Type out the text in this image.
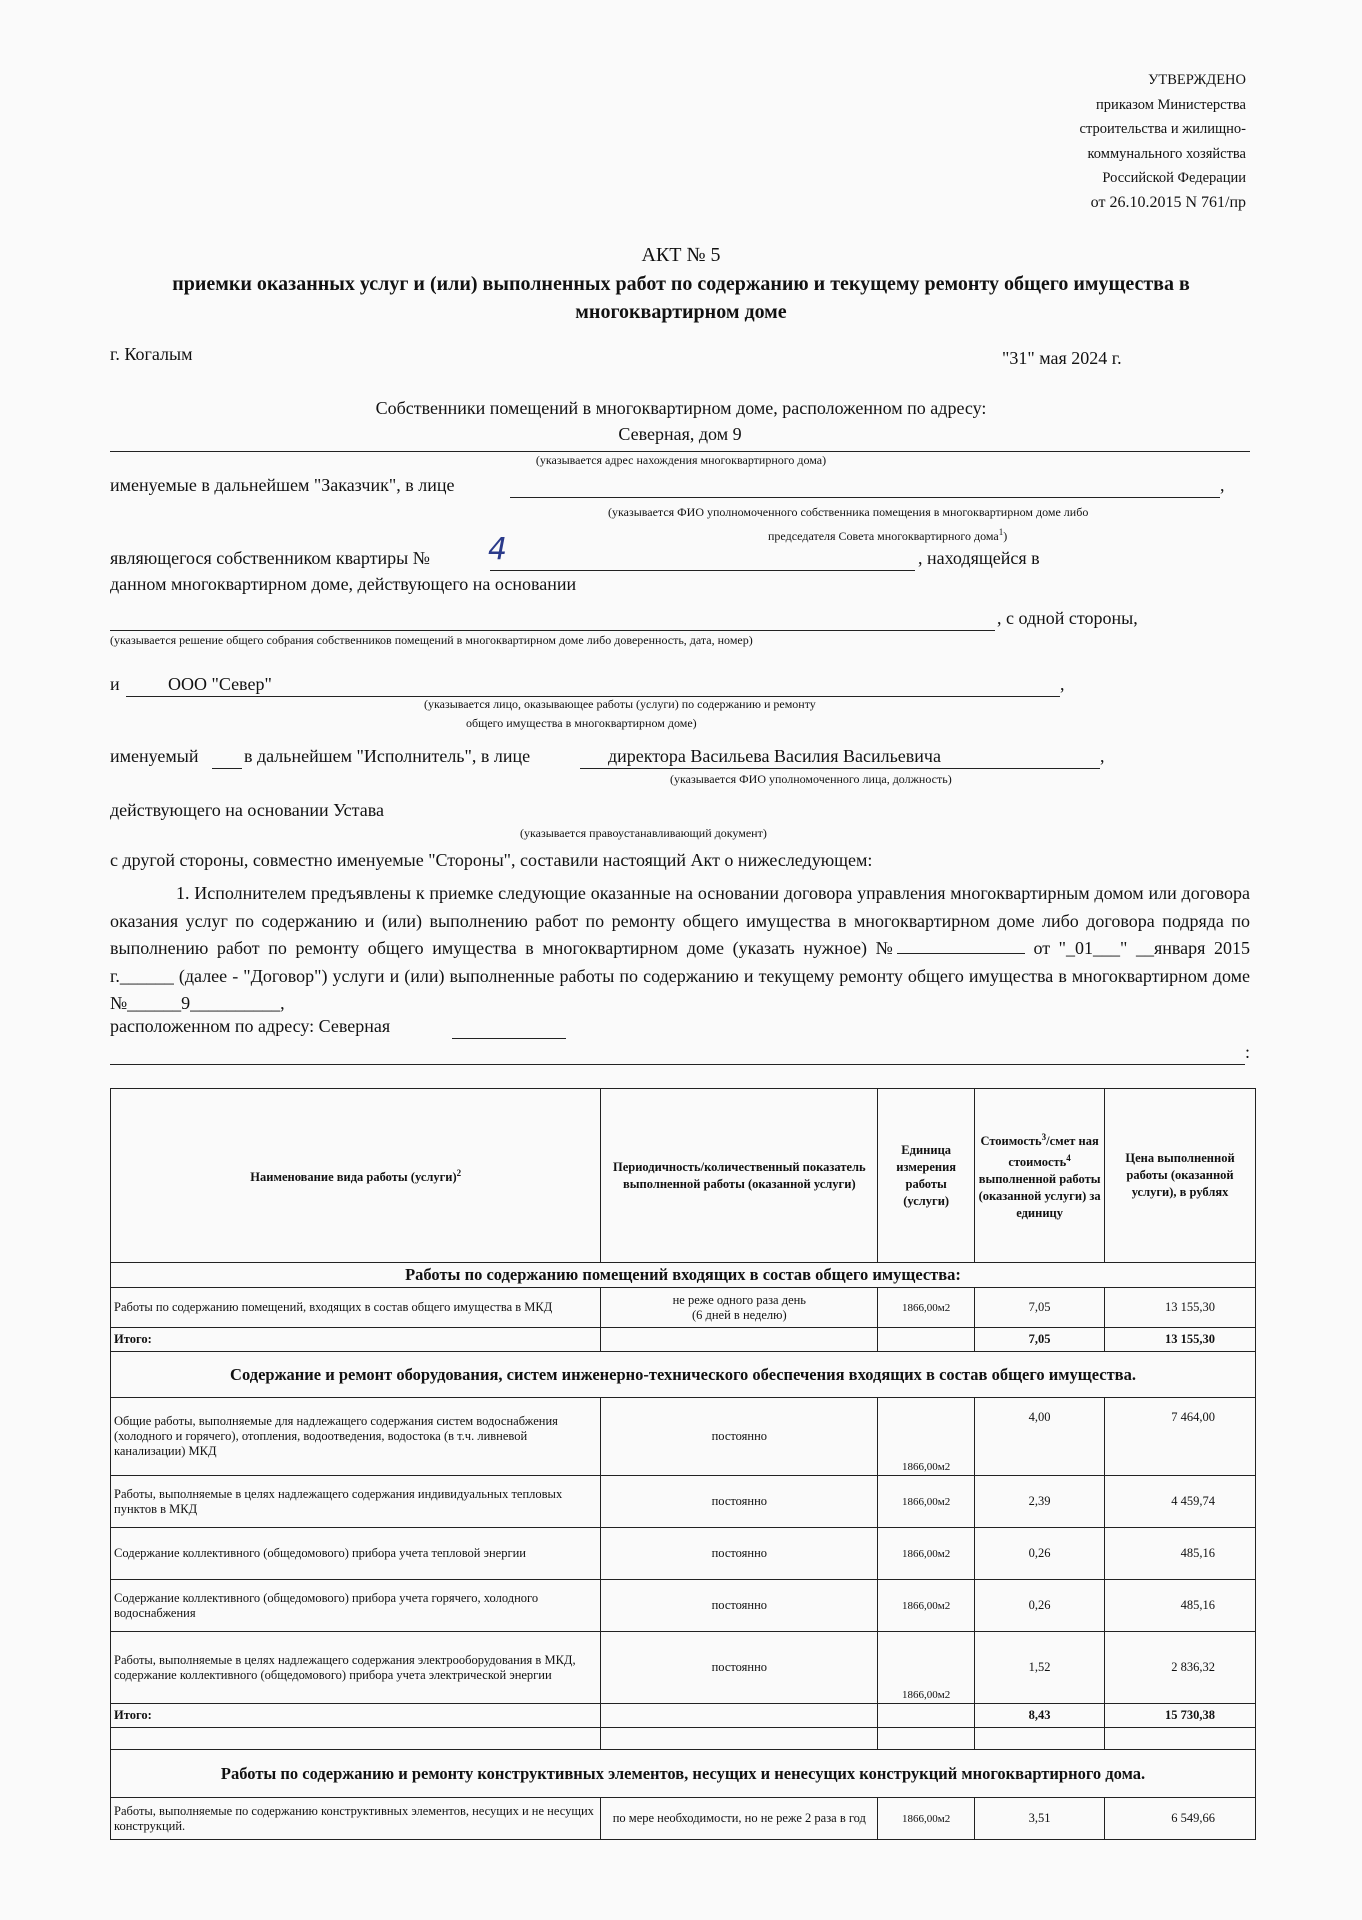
УТВЕРЖДЕНО
приказом Министерства
строительства и жилищно-
коммунального хозяйства
Российской Федерации
от 26.10.2015 N 761/пр
АКТ № 5
приемки оказанных услуг и (или) выполненных работ по содержанию и текущему ремонту общего имущества в многоквартирном доме
г. Когалым	"31" мая 2024 г.
Собственники помещений в многоквартирном доме, расположенном по адресу:
Северная, дом 9
(указывается адрес нахождения многоквартирного дома)
именуемые в дальнейшем "Заказчик", в лице	,
(указывается ФИО уполномоченного собственника помещения в многоквартирном доме либо
председателя Совета многоквартирного дома$^1$)
являющегося собственником квартиры № 4	, находящейся в
данном многоквартирном доме, действующего на основании
, с одной стороны,
(указывается решение общего собрания собственников помещений в многоквартирном доме либо доверенность, дата, номер)
и	ООО "Север"	,
(указывается лицо, оказывающее работы (услуги) по содержанию и ремонту
общего имущества в многоквартирном доме)
именуемый	в дальнейшем "Исполнитель", в лице	директора Васильева Василия Васильевича	,
(указывается ФИО уполномоченного лица, должность)
действующего на основании Устава
(указывается правоустанавливающий документ)
с другой стороны, совместно именуемые "Стороны", составили настоящий Акт о нижеследующем:

1. Исполнителем предъявлены к приемке следующие оказанные на основании договора управления многоквартирным домом или договора оказания услуг по содержанию и (или) выполнению работ по ремонту общего имущества в многоквартирном доме либо договора подряда по выполнению работ по ремонту общего имущества в многоквартирном доме (указать нужное) №	от "_01___" __января 2015 г.______ (далее - "Договор") услуги и (или) выполненные работы по содержанию и текущему ремонту общего имущества в многоквартирном доме №______9__________,

расположенном по адресу: Северная
:
Наименование вида работы (услуги)$^2$	Периодичность/количественный показатель выполненной работы (оказанной услуги)	Единица измерения работы (услуги)	Стоимость$^3$/смет ная стоимость$^4$ выполненной работы (оказанной услуги) за единицу	Цена выполненной работы (оказанной услуги), в рублях
Работы по содержанию помещений входящих в состав общего имущества:				
Работы по содержанию помещений, входящих в состав общего имущества в МКД	не реже одного раза день
(6 дней в неделю)	1866,00м2	7,05	13 155,30
Итого:			7,05	13 155,30
Содержание и ремонт оборудования, систем инженерно-технического обеспечения входящих в состав общего имущества.				
Общие работы, выполняемые для надлежащего содержания систем водоснабжения (холодного и горячего), отопления, водоотведения, водостока (в т.ч. ливневой канализации) МКД	постоянно	1866,00м2	4,00	7 464,00
Работы, выполняемые в целях надлежащего содержания индивидуальных тепловых пунктов в МКД	постоянно	1866,00м2	2,39	4 459,74
Содержание коллективного (общедомового) прибора учета тепловой энергии	постоянно	1866,00м2	0,26	485,16
Содержание коллективного (общедомового) прибора учета горячего, холодного водоснабжения	постоянно	1866,00м2	0,26	485,16
Работы, выполняемые в целях надлежащего содержания электрооборудования в МКД, содержание коллективного (общедомового) прибора учета электрической энергии	постоянно	1866,00м2	1,52	2 836,32
Итого:			8,43	15 730,38

Работы по содержанию и ремонту конструктивных элементов, несущих и ненесущих конструкций многоквартирного дома.				
Работы, выполняемые по содержанию конструктивных элементов, несущих и не несущих конструкций.	по мере необходимости, но не реже 2 раза в год	1866,00м2	3,51	6 549,66
